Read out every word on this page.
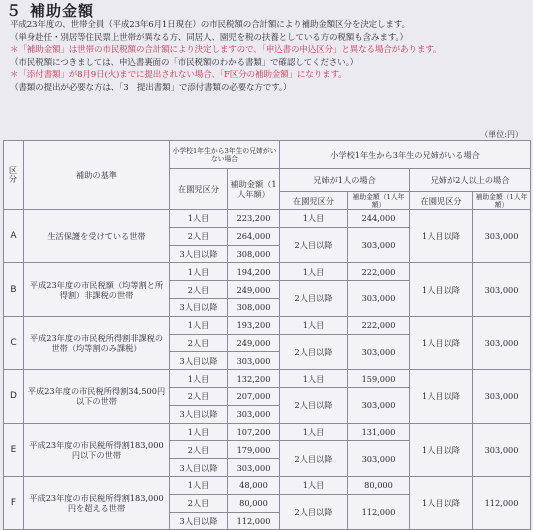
５ 補助金額
平成23年度の、世帯全員（平成23年6月1日現在）の市民税額の合計額により補助金額区分を決定します。
（単身赴任・別居等住民票上世帯が異なる方、同居人、園児を税の扶養としている方の税額も含みます。）
＊「補助金額」は世帯の市民税額の合計額により決定しますので、「申込書の申込区分」と異なる場合があります。
（市民税額につきましては、申込書裏面の「市民税額のわかる書類」で確認してください。）
＊「添付書類」が8月9日(火)までに提出されない場合、「F区分の補助金額」になります。
（書類の提出が必要な方は、「3　提出書類」で添付書類の必要な方です。）
（単位:円）
区分	補助の基準	小学校1年生から3年生の兄姉がいない場合		小学校1年生から3年生の兄姉がいる場合			
		在園児区分	補助金額（1人年額）	兄姉が1人の場合		兄姉が2人以上の場合	
				在園児区分	補助金額（1人年額）	在園児区分	補助金額（1人年額）
A	生活保護を受けている世帯	1人目	223,200	1人目	244,000	1人目以降	303,000
		2人目	264,000	2人目以降	303,000		
		3人目以降	308,000				
B	平成23年度の市民税額（均等割と所得割）非課税の世帯	1人目	194,200	1人目	222,000	1人目以降	303,000
		2人目	249,000	2人目以降	303,000		
		3人目以降	308,000				
C	平成23年度の市民税所得割非課税の世帯（均等割のみ課税）	1人目	193,200	1人目	222,000	1人目以降	303,000
		2人目	249,000	2人目以降	303,000		
		3人目以降	303,000				
D	平成23年度の市民税所得割34,500円以下の世帯	1人目	132,200	1人目	159,000	1人目以降	303,000
		2人目	207,000	2人目以降	303,000		
		3人目以降	303,000				
E	平成23年度の市民税所得割183,000円以下の世帯	1人目	107,200	1人目	131,000	1人目以降	303,000
		2人目	179,000	2人目以降	303,000		
		3人目以降	303,000				
F	平成23年度の市民税所得割183,000円を超える世帯	1人目	48,000	1人目	80,000	1人目以降	112,000
		2人目	80,000	2人目以降	112,000		
		3人目以降	112,000				
